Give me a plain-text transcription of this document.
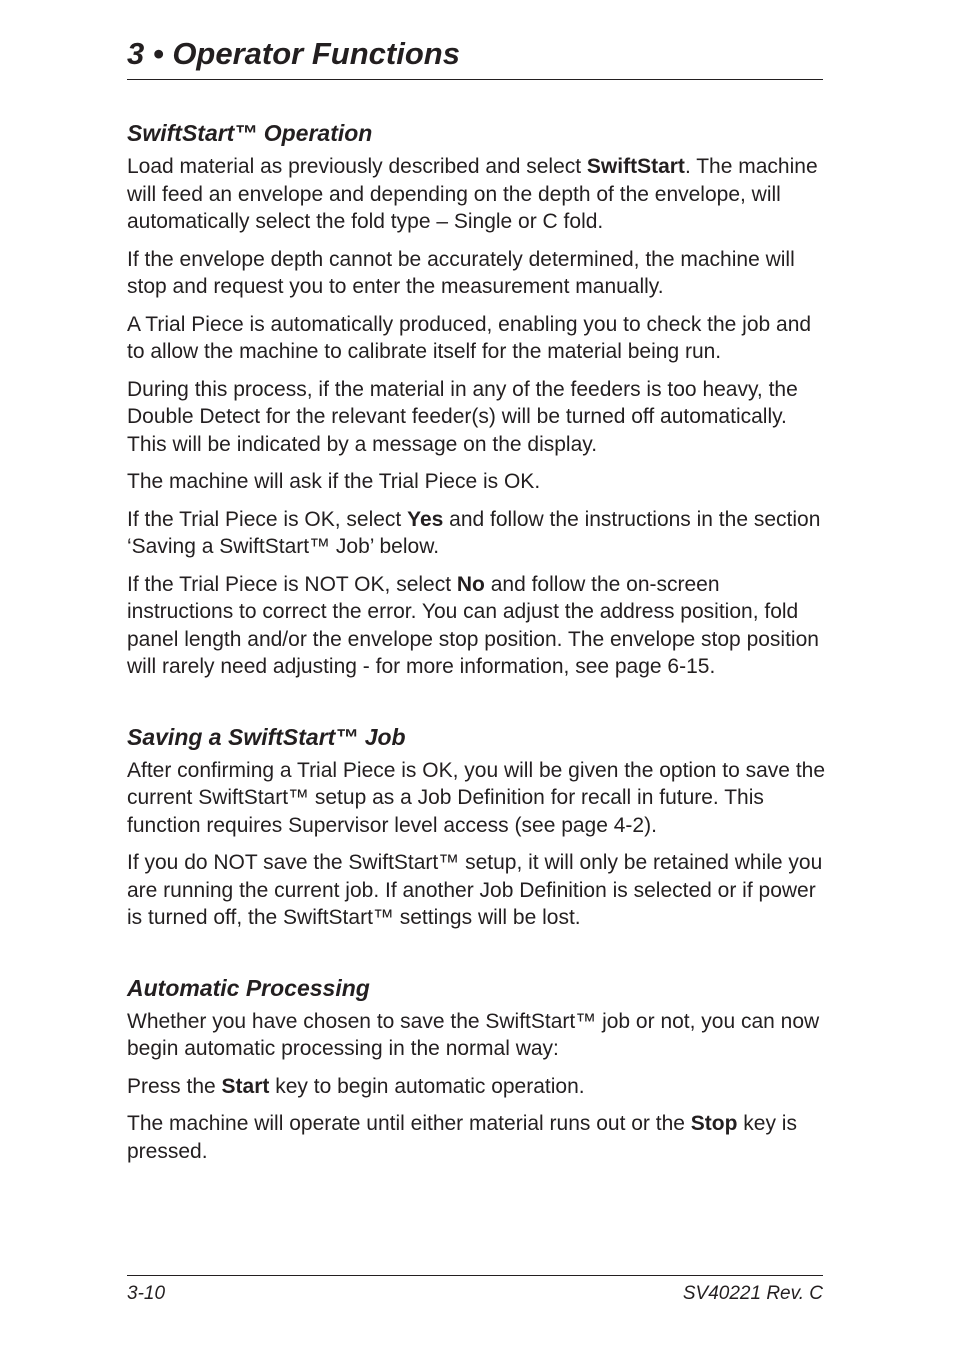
3 • Operator Functions
SwiftStart™ Operation

Load material as previously described and select SwiftStart. The machine will feed an envelope and depending on the depth of the envelope, will automatically select the fold type – Single or C fold.

If the envelope depth cannot be accurately determined, the machine will stop and request you to enter the measurement manually.

A Trial Piece is automatically produced, enabling you to check the job and to allow the machine to calibrate itself for the material being run.

During this process, if the material in any of the feeders is too heavy, the Double Detect for the relevant feeder(s) will be turned off automatically. This will be indicated by a message on the display.

The machine will ask if the Trial Piece is OK.

If the Trial Piece is OK, select Yes and follow the instructions in the section ‘Saving a SwiftStart™ Job’ below.

If the Trial Piece is NOT OK, select No and follow the on-screen instructions to correct the error. You can adjust the address position, fold panel length and/or the envelope stop position. The envelope stop position will rarely need adjusting - for more information, see page 6-15.

Saving a SwiftStart™ Job

After confirming a Trial Piece is OK, you will be given the option to save the current SwiftStart™ setup as a Job Definition for recall in future. This function requires Supervisor level access (see page 4-2).

If you do NOT save the SwiftStart™ setup, it will only be retained while you are running the current job. If another Job Definition is selected or if power is turned off, the SwiftStart™ settings will be lost.

Automatic Processing

Whether you have chosen to save the SwiftStart™ job or not, you can now begin automatic processing in the normal way:

Press the Start key to begin automatic operation.

The machine will operate until either material runs out or the Stop key is pressed.

3-10	SV40221 Rev. C
